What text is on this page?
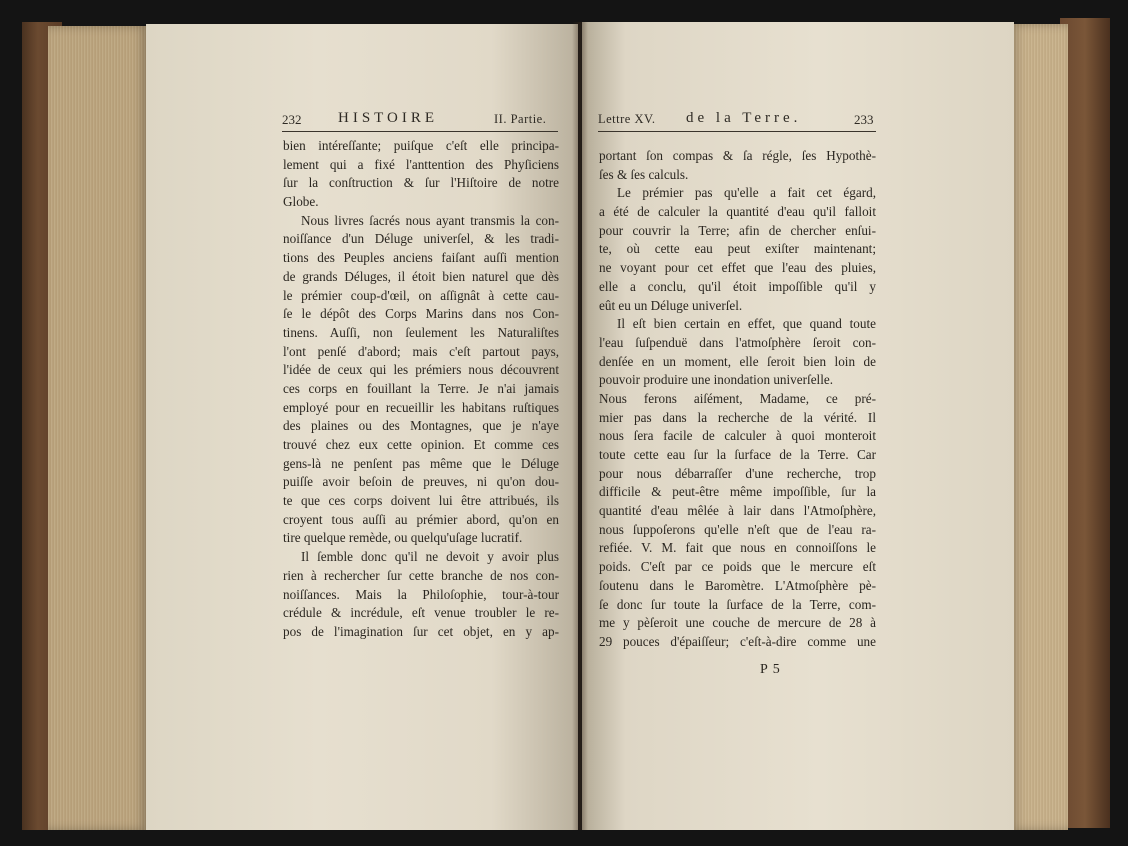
232 HISTOIRE	II. Partie.	Lettre XV. de la Terre.	233
bien intéreſſante; puiſque c'eſt elle principa-
lement qui a fixé l'anttention des Phyſiciens
ſur la conſtruction & ſur l'Hiſtoire de notre
Globe.
Nous livres ſacrés nous ayant transmis la con-
noiſſance d'un Déluge univerſel, & les tradi-
tions des Peuples anciens faiſant auſſi mention
de grands Déluges, il étoit bien naturel que dès
le prémier coup-d'œil, on aſſignât à cette cau-
ſe le dépôt des Corps Marins dans nos Con-
tinens. Auſſi, non ſeulement les Naturaliſtes
l'ont penſé d'abord; mais c'eſt partout pays,
l'idée de ceux qui les prémiers nous découvrent
ces corps en fouillant la Terre. Je n'ai jamais
employé pour en recueillir les habitans ruſtiques
des plaines ou des Montagnes, que je n'aye
trouvé chez eux cette opinion. Et comme ces
gens-là ne penſent pas même que le Déluge
puiſſe avoir beſoin de preuves, ni qu'on dou-
te que ces corps doivent lui être attribués, ils
croyent tous auſſi au prémier abord, qu'on en
tire quelque remède, ou quelqu'uſage lucratif.
Il ſemble donc qu'il ne devoit y avoir plus
rien à rechercher ſur cette branche de nos con-
noiſſances. Mais la Philoſophie, tour-à-tour
crédule & incrédule, eſt venue troubler le re-
pos de l'imagination ſur cet objet, en y ap-
portant ſon compas & ſa régle, ſes Hypothè-
ſes & ſes calculs.
Le prémier pas qu'elle a fait cet égard,
a été de calculer la quantité d'eau qu'il falloit
pour couvrir la Terre; afin de chercher enſui-
te, où cette eau peut exiſter maintenant;
ne voyant pour cet effet que l'eau des pluies,
elle a conclu, qu'il étoit impoſſible qu'il y
eût eu un Déluge univerſel.
Il eſt bien certain en effet, que quand toute
l'eau ſuſpenduë dans l'atmoſphère ſeroit con-
denſée en un moment, elle ſeroit bien loin de
pouvoir produire une inondation univerſelle.
Nous ferons aiſément, Madame, ce pré-
mier pas dans la recherche de la vérité. Il
nous ſera facile de calculer à quoi monteroit
toute cette eau ſur la ſurface de la Terre. Car
pour nous débarraſſer d'une recherche, trop
difficile & peut-être même impoſſible, ſur la
quantité d'eau mêlée à lair dans l'Atmoſphère,
nous ſuppoſerons qu'elle n'eſt que de l'eau ra-
refiée. V. M. fait que nous en connoiſſons le
poids. C'eſt par ce poids que le mercure eſt
ſoutenu dans le Baromètre. L'Atmoſphère pè-
ſe donc ſur toute la ſurface de la Terre, com-
me y pèſeroit une couche de mercure de 28 à
29 pouces d'épaiſſeur; c'eſt-à-dire comme une
P 5
